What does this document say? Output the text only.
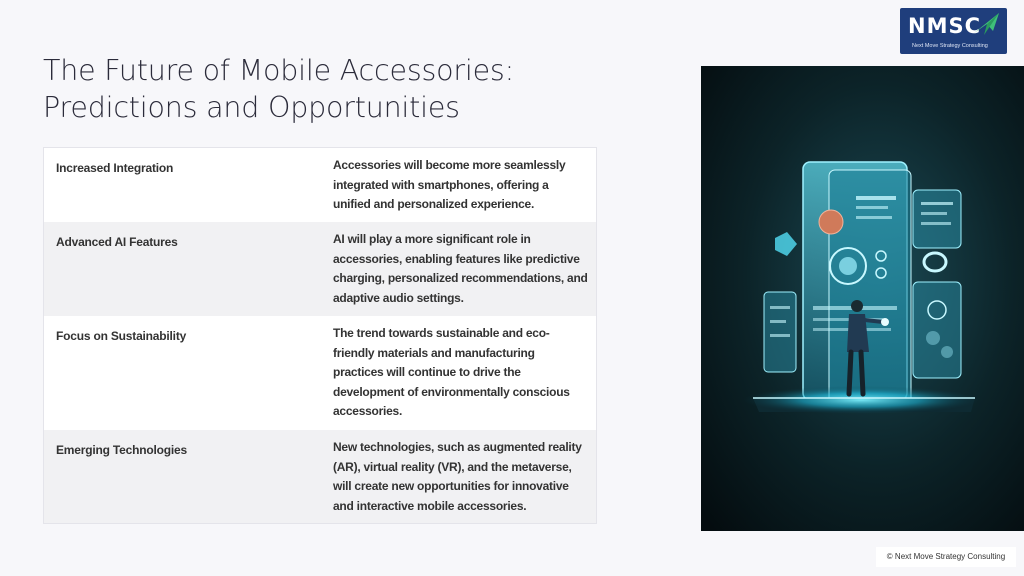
The Future of Mobile Accessories:
Predictions and Opportunities
Increased Integration	Accessories will become more seamlessly integrated with smartphones, offering a unified and personalized experience.
Advanced AI Features	AI will play a more significant role in accessories, enabling features like predictive charging, personalized recommendations, and adaptive audio settings.
Focus on Sustainability	The trend towards sustainable and eco-friendly materials and manufacturing practices will continue to drive the development of environmentally conscious accessories.
Emerging Technologies	New technologies, such as augmented reality (AR), virtual reality (VR), and the metaverse, will create new opportunities for innovative and interactive mobile accessories.
NMSC
Next Move Strategy Consulting
© Next Move Strategy Consulting
